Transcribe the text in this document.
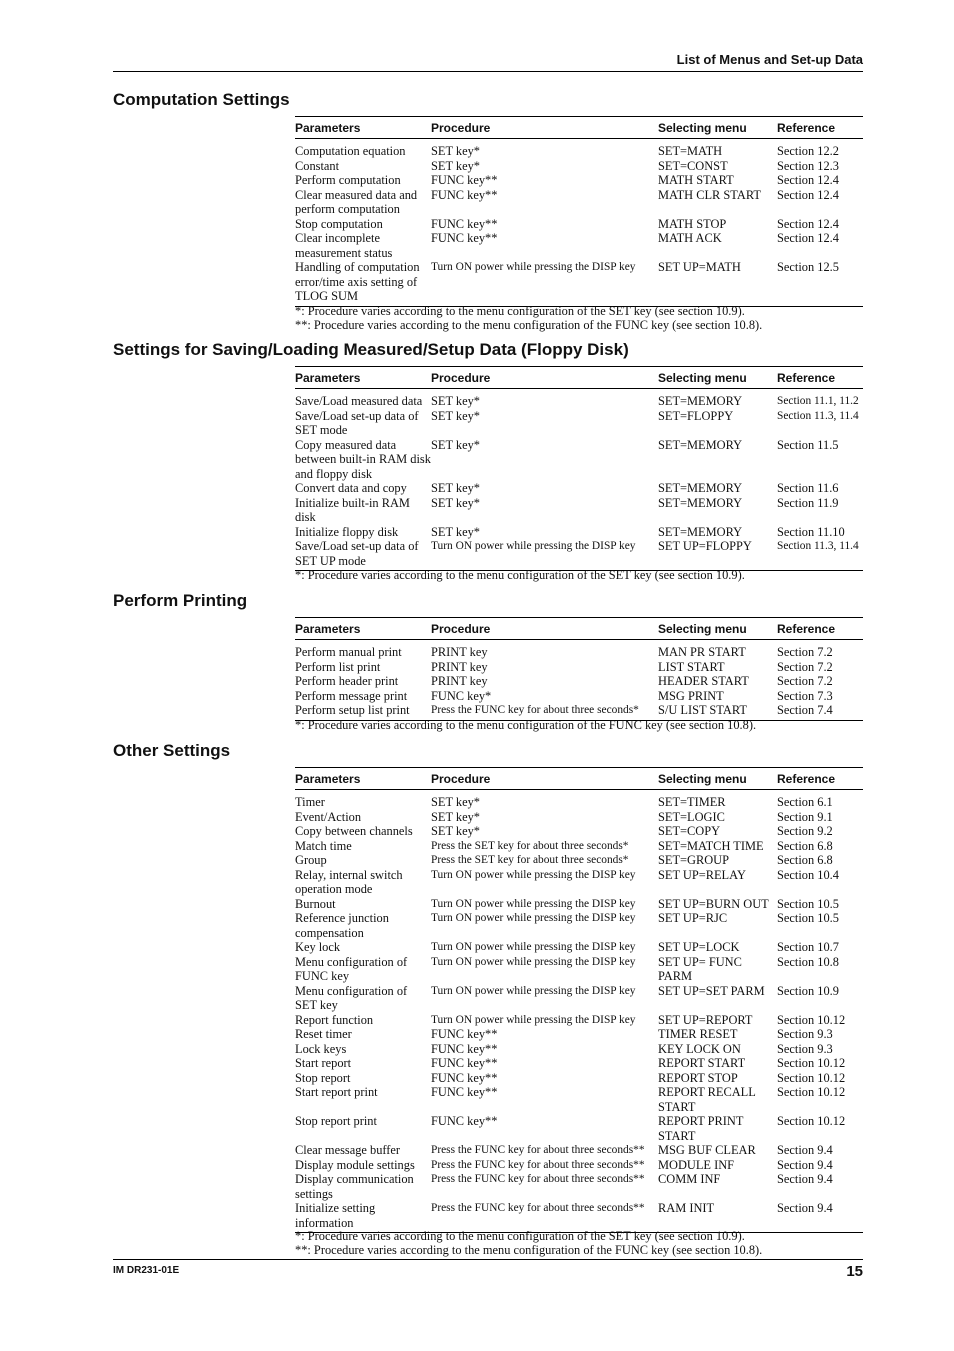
List of Menus and Set-up Data
Computation Settings
Parameters	Procedure	Selecting menu	Reference
Computation equation	SET key*	SET=MATH	Section 12.2
Constant	SET key*	SET=CONST	Section 12.3
Perform computation	FUNC key**	MATH START	Section 12.4
Clear measured data and perform computation	FUNC key**	MATH CLR START	Section 12.4
Stop computation	FUNC key**	MATH STOP	Section 12.4
Clear incomplete measurement status	FUNC key**	MATH ACK	Section 12.4
Handling of computation error/time axis setting of TLOG SUM	Turn ON power while pressing the DISP key	SET UP=MATH	Section 12.5
*: Procedure varies according to the menu configuration of the SET key (see section 10.9).
**: Procedure varies according to the menu configuration of the FUNC key (see section 10.8).
Settings for Saving/Loading Measured/Setup Data (Floppy Disk)
Parameters	Procedure	Selecting menu	Reference
Save/Load measured data	SET key*	SET=MEMORY	Section 11.1, 11.2
Save/Load set-up data of SET mode	SET key*	SET=FLOPPY	Section 11.3, 11.4
Copy measured data between built-in RAM disk and floppy disk	SET key*	SET=MEMORY	Section 11.5
Convert data and copy	SET key*	SET=MEMORY	Section 11.6
Initialize built-in RAM disk	SET key*	SET=MEMORY	Section 11.9
Initialize floppy disk	SET key*	SET=MEMORY	Section 11.10
Save/Load set-up data of SET UP mode	Turn ON power while pressing the DISP key	SET UP=FLOPPY	Section 11.3, 11.4
*: Procedure varies according to the menu configuration of the SET key (see section 10.9).
Perform Printing
Parameters	Procedure	Selecting menu	Reference
Perform manual print	PRINT key	MAN PR START	Section 7.2
Perform list print	PRINT key	LIST START	Section 7.2
Perform header print	PRINT key	HEADER START	Section 7.2
Perform message print	FUNC key*	MSG PRINT	Section 7.3
Perform setup list print	Press the FUNC key for about three seconds*	S/U LIST START	Section 7.4
*: Procedure varies according to the menu configuration of the FUNC key (see section 10.8).
Other Settings
Parameters	Procedure	Selecting menu	Reference
Timer	SET key*	SET=TIMER	Section 6.1
Event/Action	SET key*	SET=LOGIC	Section 9.1
Copy between channels	SET key*	SET=COPY	Section 9.2
Match time	Press the SET key for about three seconds*	SET=MATCH TIME	Section 6.8
Group	Press the SET key for about three seconds*	SET=GROUP	Section 6.8
Relay, internal switch operation mode	Turn ON power while pressing the DISP key	SET UP=RELAY	Section 10.4
Burnout	Turn ON power while pressing the DISP key	SET UP=BURN OUT	Section 10.5
Reference junction compensation	Turn ON power while pressing the DISP key	SET UP=RJC	Section 10.5
Key lock	Turn ON power while pressing the DISP key	SET UP=LOCK	Section 10.7
Menu configuration of FUNC key	Turn ON power while pressing the DISP key	SET UP= FUNC PARM	Section 10.8
Menu configuration of SET key	Turn ON power while pressing the DISP key	SET UP=SET PARM	Section 10.9
Report function	Turn ON power while pressing the DISP key	SET UP=REPORT	Section 10.12
Reset timer	FUNC key**	TIMER RESET	Section 9.3
Lock keys	FUNC key**	KEY LOCK ON	Section 9.3
Start report	FUNC key**	REPORT START	Section 10.12
Stop report	FUNC key**	REPORT STOP	Section 10.12
Start report print	FUNC key**	REPORT RECALL START	Section 10.12
Stop report print	FUNC key**	REPORT PRINT START	Section 10.12
Clear message buffer	Press the FUNC key for about three seconds**	MSG BUF CLEAR	Section 9.4
Display module settings	Press the FUNC key for about three seconds**	MODULE INF	Section 9.4
Display communication settings	Press the FUNC key for about three seconds**	COMM INF	Section 9.4
Initialize setting information	Press the FUNC key for about three seconds**	RAM INIT	Section 9.4
*: Procedure varies according to the menu configuration of the SET key (see section 10.9).
**: Procedure varies according to the menu configuration of the FUNC key (see section 10.8).
IM DR231-01E	15
